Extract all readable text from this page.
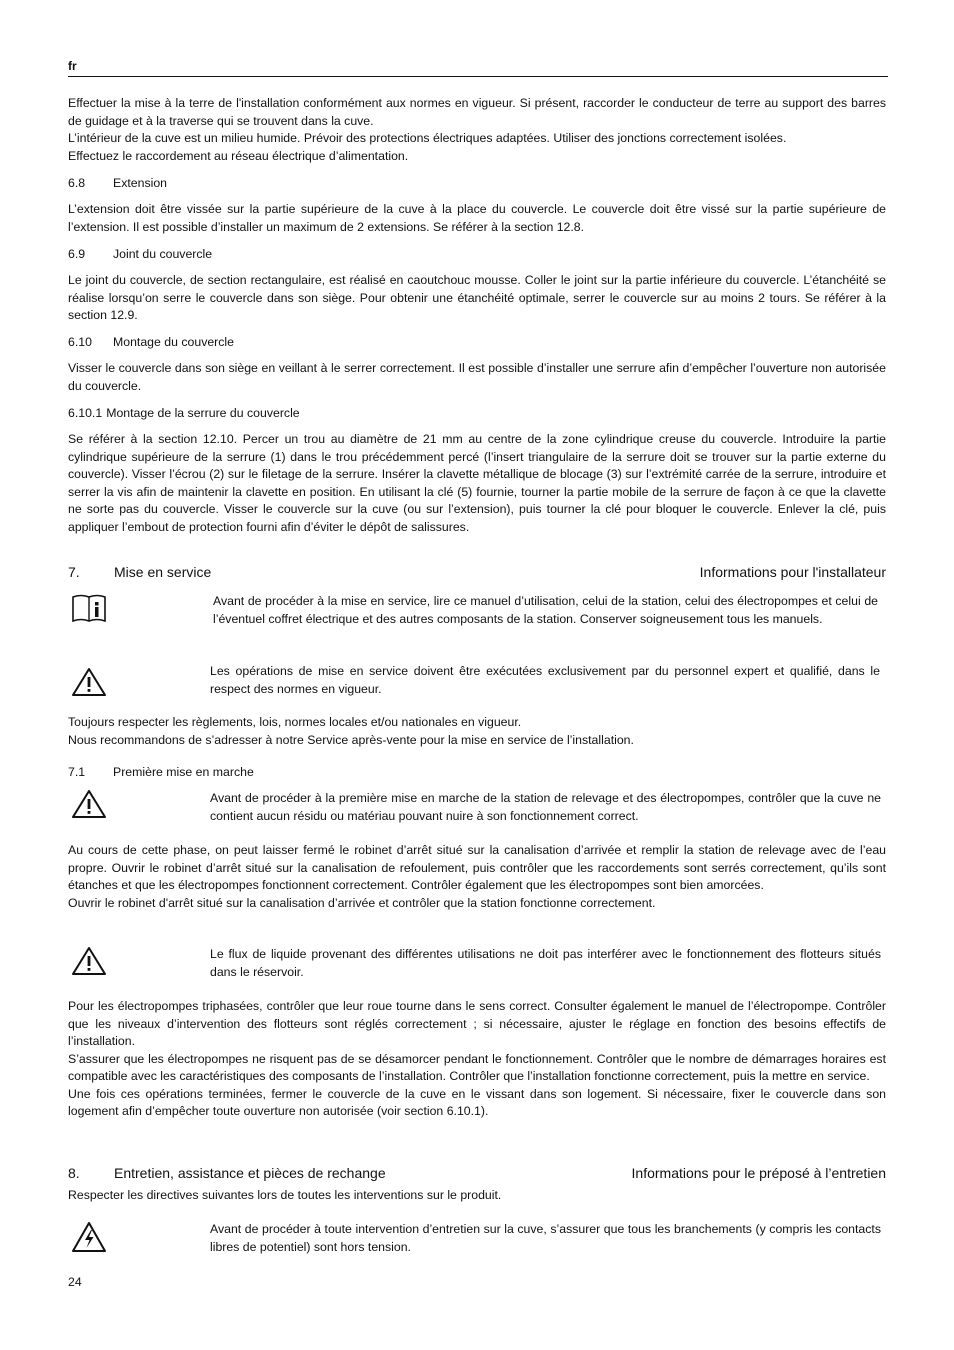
fr

Effectuer la mise à la terre de l'installation conformément aux normes en vigueur. Si présent, raccorder le conducteur de terre au support des barres de guidage et à la traverse qui se trouvent dans la cuve.

L’intérieur de la cuve est un milieu humide. Prévoir des protections électriques adaptées. Utiliser des jonctions correctement isolées.

Effectuez le raccordement au réseau électrique d’alimentation.

6.8 Extension

L’extension doit être vissée sur la partie supérieure de la cuve à la place du couvercle. Le couvercle doit être vissé sur la partie supérieure de l’extension. Il est possible d’installer un maximum de 2 extensions. Se référer à la section 12.8.

6.9 Joint du couvercle

Le joint du couvercle, de section rectangulaire, est réalisé en caoutchouc mousse. Coller le joint sur la partie inférieure du couvercle. L’étanchéité se réalise lorsqu’on serre le couvercle dans son siège. Pour obtenir une étanchéité optimale, serrer le couvercle sur au moins 2 tours. Se référer à la section 12.9.

6.10 Montage du couvercle

Visser le couvercle dans son siège en veillant à le serrer correctement. Il est possible d’installer une serrure afin d’empêcher l’ouverture non autorisée du couvercle.

6.10.1 Montage de la serrure du couvercle

Se référer à la section 12.10. Percer un trou au diamètre de 21 mm au centre de la zone cylindrique creuse du couvercle. Introduire la partie cylindrique supérieure de la serrure (1) dans le trou précédemment percé (l’insert triangulaire de la serrure doit se trouver sur la partie externe du couvercle). Visser l’écrou (2) sur le filetage de la serrure. Insérer la clavette métallique de blocage (3) sur l’extrémité carrée de la serrure, introduire et serrer la vis afin de maintenir la clavette en position. En utilisant la clé (5) fournie, tourner la partie mobile de la serrure de façon à ce que la clavette ne sorte pas du couvercle. Visser le couvercle sur la cuve (ou sur l’extension), puis tourner la clé pour bloquer le couvercle. Enlever la clé, puis appliquer l’embout de protection fourni afin d’éviter le dépôt de salissures.

7. Mise en service	Informations pour l'installateur

Avant de procéder à la mise en service, lire ce manuel d’utilisation, celui de la station, celui des électropompes et celui de l’éventuel coffret électrique et des autres composants de la station. Conserver soigneusement tous les manuels.

Les opérations de mise en service doivent être exécutées exclusivement par du personnel expert et qualifié, dans le respect des normes en vigueur.

Toujours respecter les règlements, lois, normes locales et/ou nationales en vigueur.

Nous recommandons de s’adresser à notre Service après-vente pour la mise en service de l’installation.

7.1 Première mise en marche

Avant de procéder à la première mise en marche de la station de relevage et des électropompes, contrôler que la cuve ne contient aucun résidu ou matériau pouvant nuire à son fonctionnement correct.

Au cours de cette phase, on peut laisser fermé le robinet d’arrêt situé sur la canalisation d’arrivée et remplir la station de relevage avec de l’eau propre. Ouvrir le robinet d’arrêt situé sur la canalisation de refoulement, puis contrôler que les raccordements sont serrés correctement, qu’ils sont étanches et que les électropompes fonctionnent correctement. Contrôler également que les électropompes sont bien amorcées.

Ouvrir le robinet d'arrêt situé sur la canalisation d’arrivée et contrôler que la station fonctionne correctement.

Le flux de liquide provenant des différentes utilisations ne doit pas interférer avec le fonctionnement des flotteurs situés dans le réservoir.

Pour les électropompes triphasées, contrôler que leur roue tourne dans le sens correct. Consulter également le manuel de l’électropompe. Contrôler que les niveaux d’intervention des flotteurs sont réglés correctement ; si nécessaire, ajuster le réglage en fonction des besoins effectifs de l’installation.

S’assurer que les électropompes ne risquent pas de se désamorcer pendant le fonctionnement. Contrôler que le nombre de démarrages horaires est compatible avec les caractéristiques des composants de l’installation. Contrôler que l’installation fonctionne correctement, puis la mettre en service.

Une fois ces opérations terminées, fermer le couvercle de la cuve en le vissant dans son logement. Si nécessaire, fixer le couvercle dans son logement afin d’empêcher toute ouverture non autorisée (voir section 6.10.1).

8. Entretien, assistance et pièces de rechange	Informations pour le préposé à l’entretien

Respecter les directives suivantes lors de toutes les interventions sur le produit.

Avant de procéder à toute intervention d’entretien sur la cuve, s’assurer que tous les branchements (y compris les contacts libres de potentiel) sont hors tension.

24
